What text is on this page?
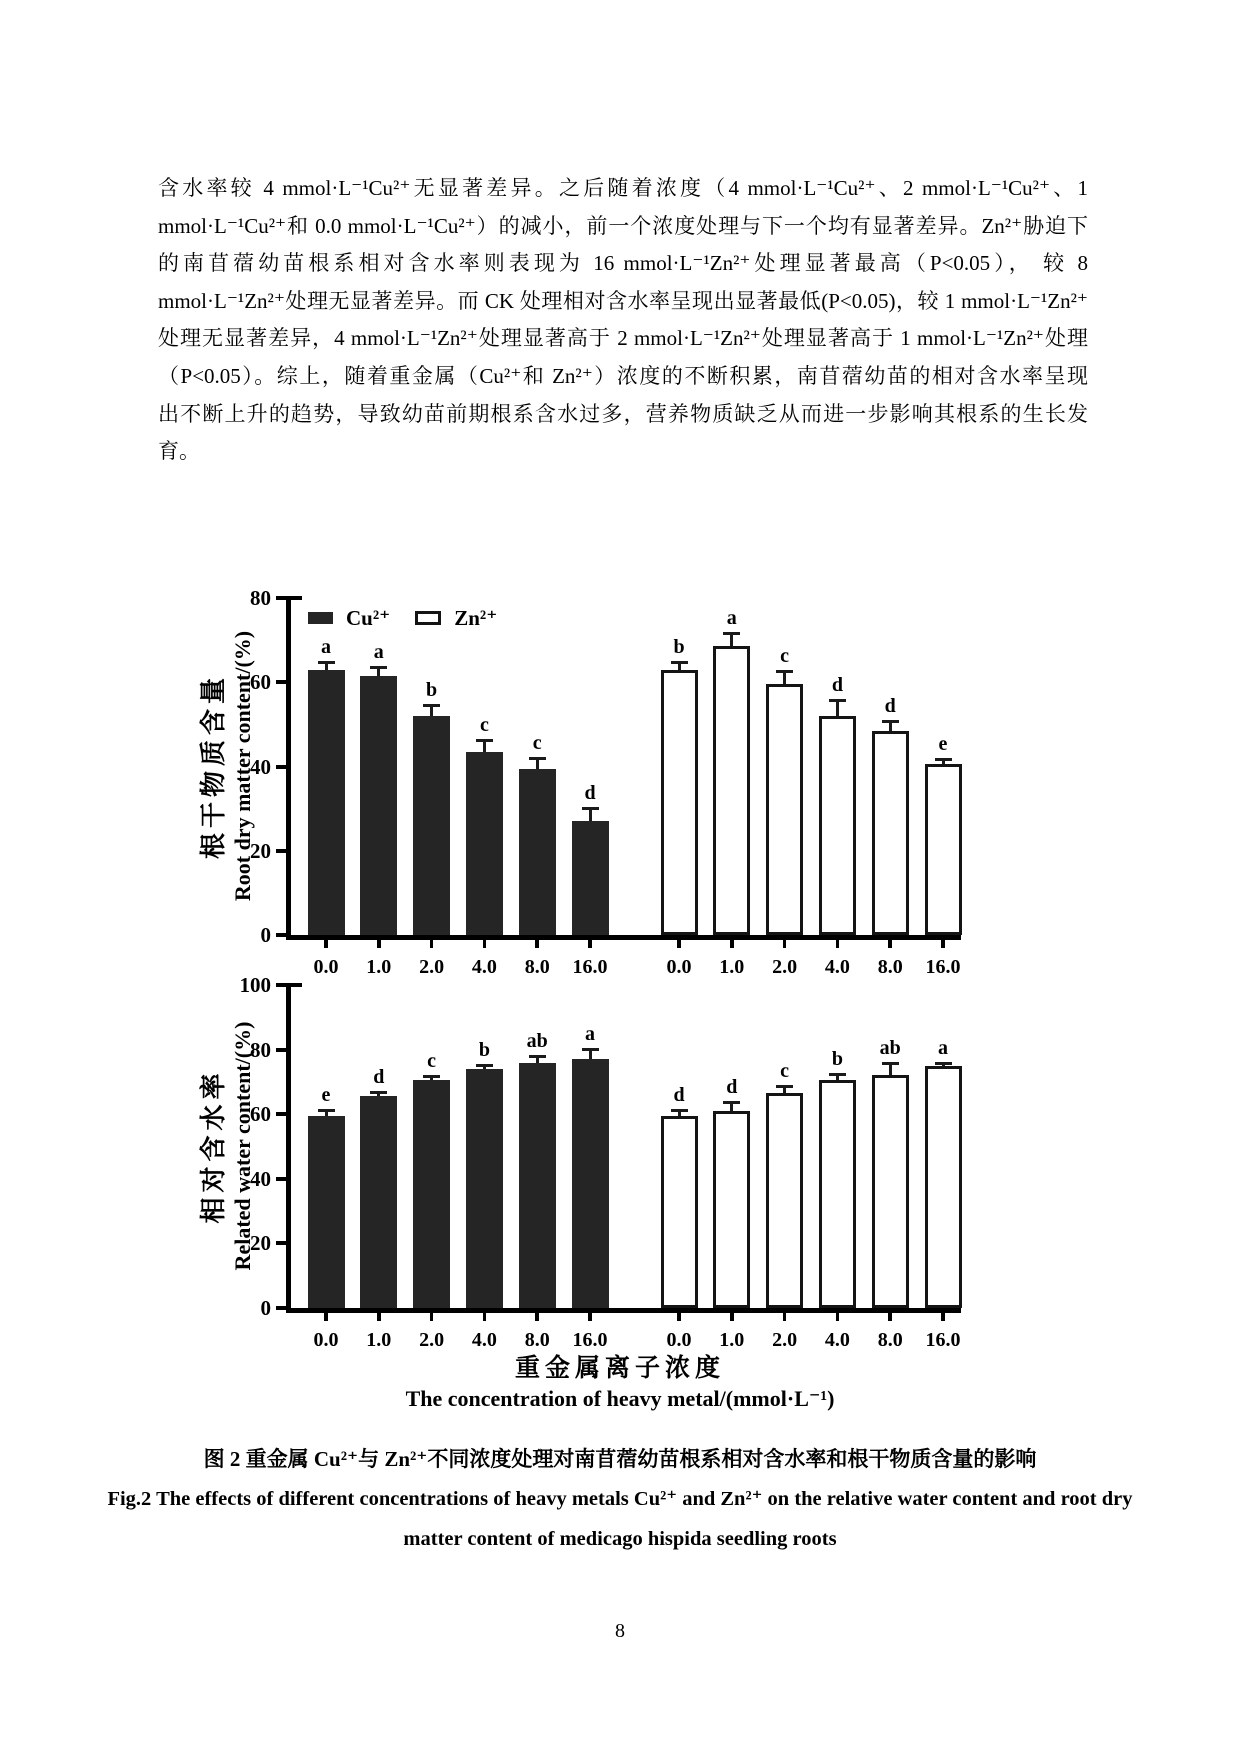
含水率较 4 mmol·L⁻¹Cu²⁺无显著差异。之后随着浓度（4 mmol·L⁻¹Cu²⁺、2 mmol·L⁻¹Cu²⁺、1
mmol·L⁻¹Cu²⁺和 0.0 mmol·L⁻¹Cu²⁺）的减小，前一个浓度处理与下一个均有显著差异。Zn²⁺胁迫下
的南苜蓿幼苗根系相对含水率则表现为 16 mmol·L⁻¹Zn²⁺处理显著最高（P<0.05）， 较 8
mmol·L⁻¹Zn²⁺处理无显著差异。而 CK 处理相对含水率呈现出显著最低(P<0.05)，较 1 mmol·L⁻¹Zn²⁺
处理无显著差异，4 mmol·L⁻¹Zn²⁺处理显著高于 2 mmol·L⁻¹Zn²⁺处理显著高于 1 mmol·L⁻¹Zn²⁺处理
（P<0.05）。综上，随着重金属（Cu²⁺和 Zn²⁺）浓度的不断积累，南苜蓿幼苗的相对含水率呈现
出不断上升的趋势，导致幼苗前期根系含水过多，营养物质缺乏从而进一步影响其根系的生长发
育。
根干物质含量 Root dry matter content/(%)
相对含水率 Related water content/(%)
0
20
40
60
80
a
0.0
a
1.0
b
2.0
c
4.0
c
8.0
d
16.0
b
0.0
a
1.0
c
2.0
d
4.0
d
8.0
e
16.0
Cu²⁺	Zn²⁺
0
20
40
60
80
100
e
0.0
d
1.0
c
2.0
b
4.0
ab
8.0
a
16.0
d
0.0
d
1.0
c
2.0
b
4.0
ab
8.0
a
16.0
重金属离子浓度
The concentration of heavy metal/(mmol·L⁻¹)
图 2 重金属 Cu²⁺与 Zn²⁺不同浓度处理对南苜蓿幼苗根系相对含水率和根干物质含量的影响
Fig.2 The effects of different concentrations of heavy metals Cu²⁺ and Zn²⁺ on the relative water content and root dry
matter content of medicago hispida seedling roots
8
